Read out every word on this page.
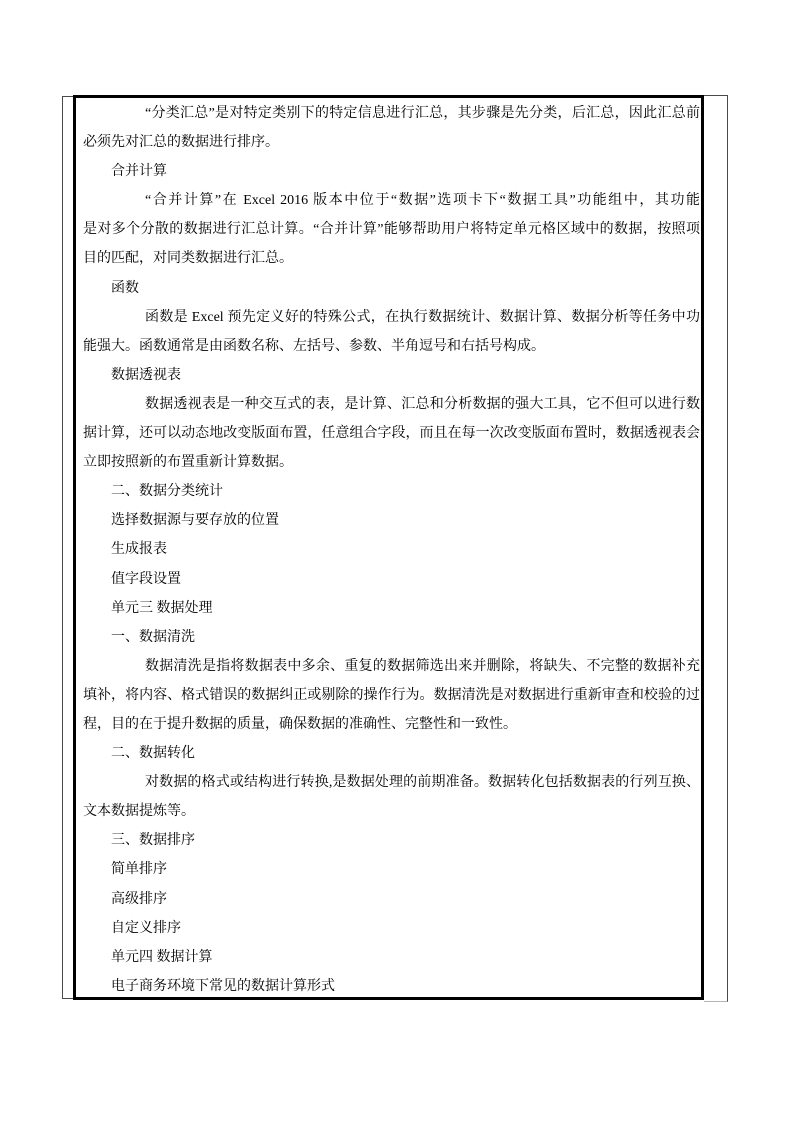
“分类汇总”是对特定类别下的特定信息进行汇总，其步骤是先分类，后汇总，因此汇总前
必须先对汇总的数据进行排序。
合并计算
“合并计算”在 Excel 2016 版本中位于“数据”选项卡下“数据工具”功能组中，其功能
是对多个分散的数据进行汇总计算。“合并计算”能够帮助用户将特定单元格区域中的数据，按照项
目的匹配，对同类数据进行汇总。
函数
函数是 Excel 预先定义好的特殊公式，在执行数据统计、数据计算、数据分析等任务中功
能强大。函数通常是由函数名称、左括号、参数、半角逗号和右括号构成。
数据透视表
数据透视表是一种交互式的表，是计算、汇总和分析数据的强大工具，它不但可以进行数
据计算，还可以动态地改变版面布置，任意组合字段，而且在每一次改变版面布置时，数据透视表会
立即按照新的布置重新计算数据。
二、数据分类统计
选择数据源与要存放的位置
生成报表
值字段设置
单元三 数据处理
一、数据清洗
数据清洗是指将数据表中多余、重复的数据筛选出来并删除，将缺失、不完整的数据补充
填补，将内容、格式错误的数据纠正或剔除的操作行为。数据清洗是对数据进行重新审查和校验的过
程，目的在于提升数据的质量，确保数据的准确性、完整性和一致性。
二、数据转化
对数据的格式或结构进行转换,是数据处理的前期准备。数据转化包括数据表的行列互换、
文本数据提炼等。
三、数据排序
简单排序
高级排序
自定义排序
单元四 数据计算
电子商务环境下常见的数据计算形式
